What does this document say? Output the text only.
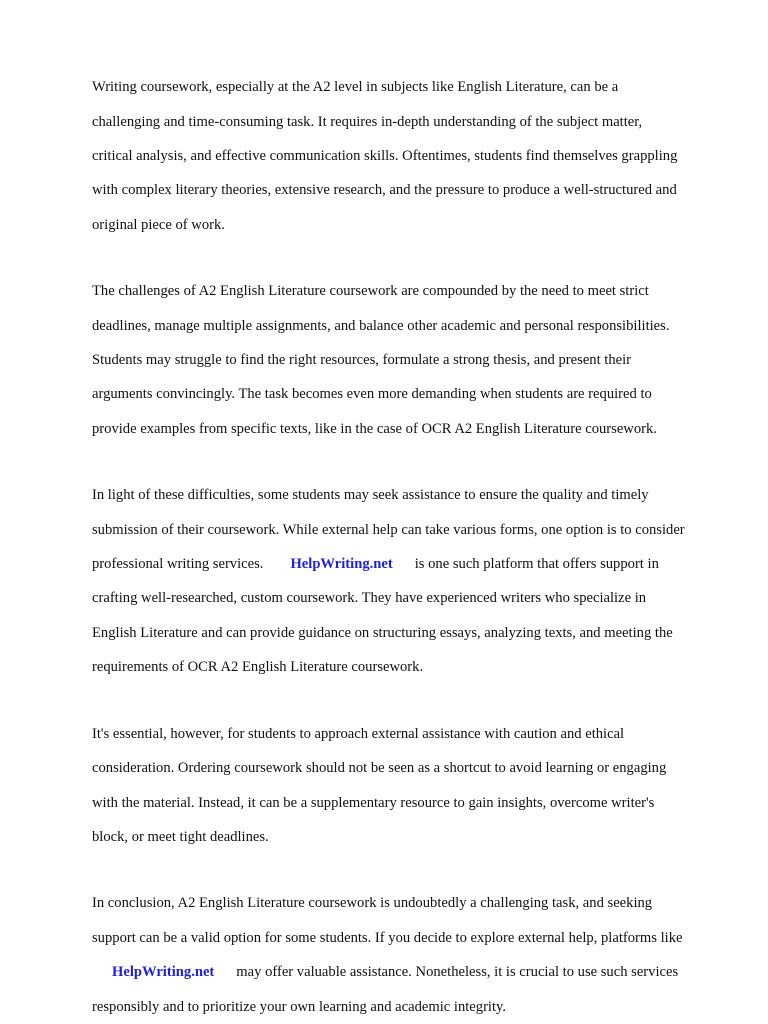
Writing coursework, especially at the A2 level in subjects like English Literature, can be a

challenging and time-consuming task. It requires in-depth understanding of the subject matter,

critical analysis, and effective communication skills. Oftentimes, students find themselves grappling

with complex literary theories, extensive research, and the pressure to produce a well-structured and

original piece of work.

The challenges of A2 English Literature coursework are compounded by the need to meet strict

deadlines, manage multiple assignments, and balance other academic and personal responsibilities.

Students may struggle to find the right resources, formulate a strong thesis, and present their

arguments convincingly. The task becomes even more demanding when students are required to

provide examples from specific texts, like in the case of OCR A2 English Literature coursework.

In light of these difficulties, some students may seek assistance to ensure the quality and timely

submission of their coursework. While external help can take various forms, one option is to consider

professional writing services. HelpWriting.net is one such platform that offers support in

crafting well-researched, custom coursework. They have experienced writers who specialize in

English Literature and can provide guidance on structuring essays, analyzing texts, and meeting the

requirements of OCR A2 English Literature coursework.

It's essential, however, for students to approach external assistance with caution and ethical

consideration. Ordering coursework should not be seen as a shortcut to avoid learning or engaging

with the material. Instead, it can be a supplementary resource to gain insights, overcome writer's

block, or meet tight deadlines.

In conclusion, A2 English Literature coursework is undoubtedly a challenging task, and seeking

support can be a valid option for some students. If you decide to explore external help, platforms like

HelpWriting.net may offer valuable assistance. Nonetheless, it is crucial to use such services

responsibly and to prioritize your own learning and academic integrity.
